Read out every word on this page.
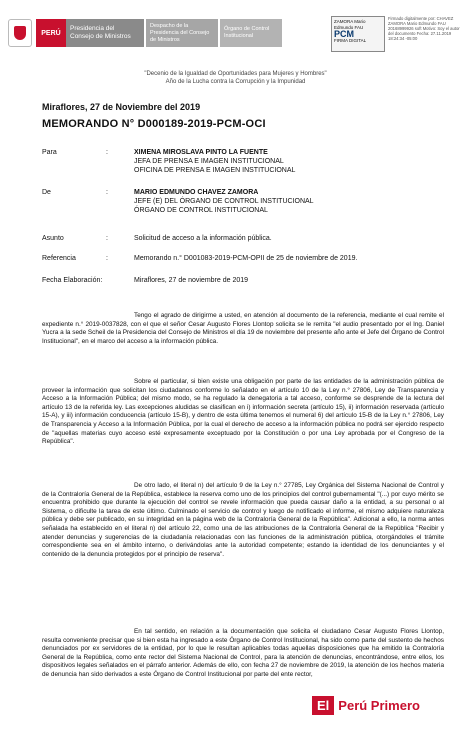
PERÚ
Presidencia del Consejo de Ministros
Despacho de la Presidencia del Consejo de Ministros
Órgano de Control Institucional
ZAMORA Mario Edmundo FAU
PCM
FIRMA DIGITAL
Firmado digitalmente por: CHAVEZ ZAMORA Mario Edmundo FAU 20168999926 soft Motivo: Soy el autor del documento Fecha: 27.11.2019 18:24:34 -05:00
"Decenio de la Igualdad de Oportunidades para Mujeres y Hombres"
Año de la Lucha contra la Corrupción y la Impunidad
Miraflores, 27 de Noviembre del 2019
MEMORANDO N° D000189-2019-PCM-OCI
Para	:	XIMENA MIROSLAVA PINTO LA FUENTE
JEFA DE PRENSA E IMAGEN INSTITUCIONAL
OFICINA DE PRENSA E IMAGEN INSTITUCIONAL
De	:	MARIO EDMUNDO CHAVEZ ZAMORA
JEFE (E) DEL ÓRGANO DE CONTROL INSTITUCIONAL
ÓRGANO DE CONTROL INSTITUCIONAL
Asunto	:	Solicitud de acceso a la información pública.
Referencia	:	Memorando n.° D001083-2019-PCM-OPII de 25 de noviembre de 2019.
Fecha Elaboración:	Miraflores, 27 de noviembre de 2019

Tengo el agrado de dirigirme a usted, en atención al documento de la referencia, mediante el cual remite el expediente n.° 2019-0037828, con el que el señor Cesar Augusto Flores Llontop solicita se le remita "el audio presentado por el Ing. Daniel Yucra a la sede Scheil de la Presidencia del Consejo de Ministros el día 19 de noviembre del presente año ante el Jefe del Órgano de Control Institucional", en el marco del acceso a la información pública.

Sobre el particular, si bien existe una obligación por parte de las entidades de la administración pública de proveer la información que solicitan los ciudadanos conforme lo señalado en el artículo 10 de la Ley n.° 27806, Ley de Transparencia y Acceso a la Información Pública; del mismo modo, se ha regulado la denegatoria a tal acceso, conforme se desprende de la lectura del artículo 13 de la referida ley. Las excepciones aludidas se clasifican en i) información secreta (artículo 15), ii) información reservada (artículo 15-A), y iii) información conducencia (artículo 15-B), y dentro de esta última tenemos el numeral 6) del artículo 15-B de la Ley n.° 27806, Ley de Transparencia y Acceso a la Información Pública, por la cual el derecho de acceso a la información pública no podrá ser ejercido respecto de "aquellas materias cuyo acceso esté expresamente exceptuado por la Constitución o por una Ley aprobada por el Congreso de la República".

De otro lado, el literal n) del artículo 9 de la Ley n.° 27785, Ley Orgánica del Sistema Nacional de Control y de la Contraloría General de la República, establece la reserva como uno de los principios del control gubernamental "(...) por cuyo mérito se encuentra prohibido que durante la ejecución del control se revele información que pueda causar daño a la entidad, a su personal o al Sistema, o dificulte la tarea de este último. Culminado el servicio de control y luego de notificado el informe, el mismo adquiere naturaleza pública y debe ser publicado, en su integridad en la página web de la Contraloría General de la República". Adicional a ello, la norma antes señalada ha establecido en el literal n) del artículo 22, como una de las atribuciones de la Contraloría General de la República "Recibir y atender denuncias y sugerencias de la ciudadanía relacionadas con las funciones de la administración pública, otorgándoles el trámite correspondiente sea en el ámbito interno, o derivándolas ante la autoridad competente; estando la identidad de los denunciantes y el contenido de la denuncia protegidos por el principio de reserva".

En tal sentido, en relación a la documentación que solicita el ciudadano Cesar Augusto Flores Llontop, resulta conveniente precisar que si bien esta ha ingresado a este Órgano de Control Institucional, ha sido como parte del sustento de hechos denunciados por ex servidores de la entidad, por lo que le resultan aplicables todas aquellas disposiciones que ha emitido la Contraloría General de la República, como ente rector del Sistema Nacional de Control, para la atención de denuncias, encontrándose, entre ellos, los dispositivos legales señalados en el párrafo anterior. Además de ello, con fecha 27 de noviembre de 2019, la atención de los hechos materia de denuncia han sido derivados a este Órgano de Control Institucional por parte del ente rector,

El Perú Primero
